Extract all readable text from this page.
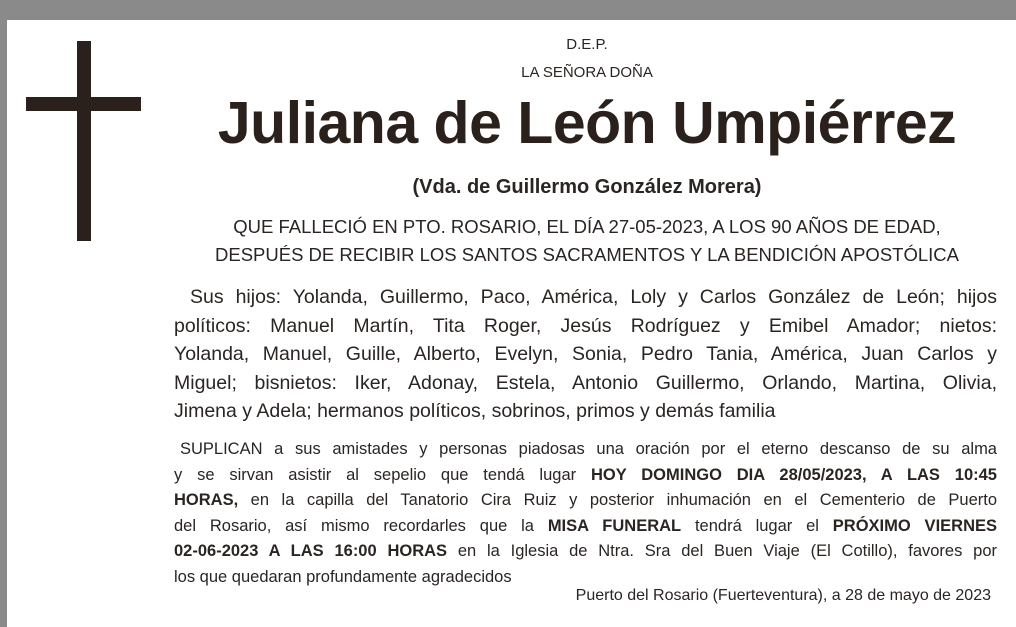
D.E.P.
LA SEÑORA DOÑA
Juliana de León Umpiérrez
(Vda. de Guillermo González Morera)
QUE FALLECIÓ EN PTO. ROSARIO, EL DÍA 27-05-2023, A LOS 90 AÑOS DE EDAD,
DESPUÉS DE RECIBIR LOS SANTOS SACRAMENTOS Y LA BENDICIÓN APOSTÓLICA
Sus hijos: Yolanda, Guillermo, Paco, América, Loly y Carlos González de León; hijos
políticos: Manuel Martín, Tita Roger, Jesús Rodríguez y Emibel Amador; nietos:
Yolanda, Manuel, Guille, Alberto, Evelyn, Sonia, Pedro Tania, América, Juan Carlos y
Miguel; bisnietos: Iker, Adonay, Estela, Antonio Guillermo, Orlando, Martina, Olivia,
Jimena y Adela; hermanos políticos, sobrinos, primos y demás familia
SUPLICAN a sus amistades y personas piadosas una oración por el eterno descanso de su alma
y se sirvan asistir al sepelio que tendá lugar HOY DOMINGO DIA 28/05/2023, A LAS 10:45
HORAS, en la capilla del Tanatorio Cira Ruiz y posterior inhumación en el Cementerio de Puerto
del Rosario, así mismo recordarles que la MISA FUNERAL tendrá lugar el PRÓXIMO VIERNES
02-06-2023 A LAS 16:00 HORAS en la Iglesia de Ntra. Sra del Buen Viaje (El Cotillo), favores por
los que quedaran profundamente agradecidos
Puerto del Rosario (Fuerteventura), a 28 de mayo de 2023
